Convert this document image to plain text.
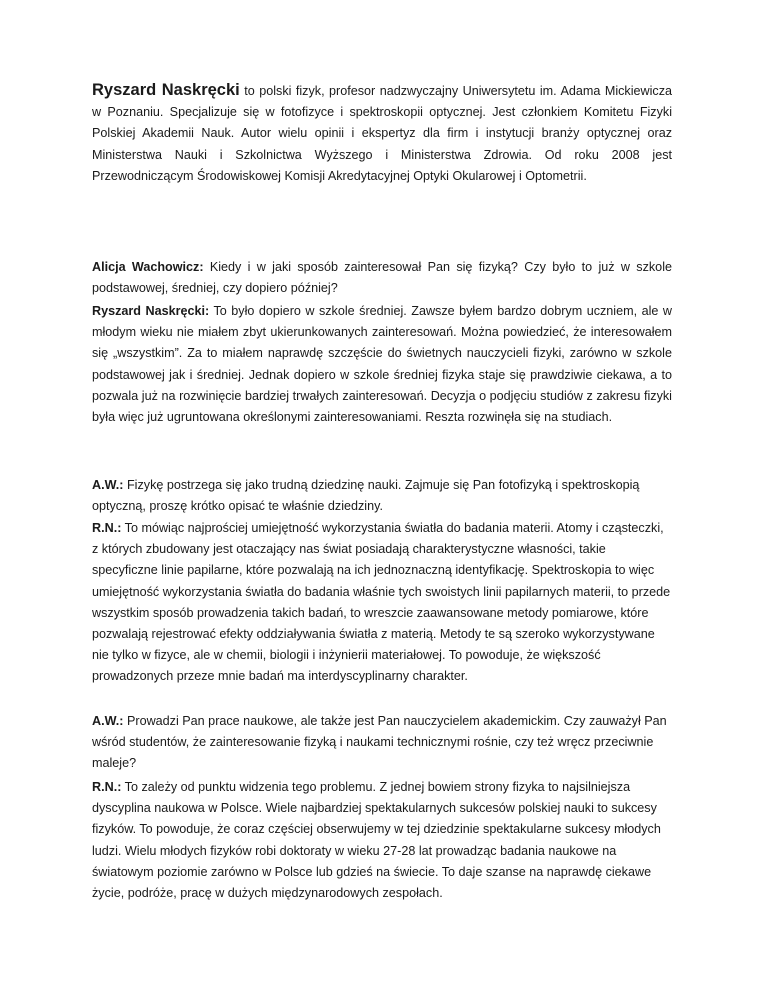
Ryszard Naskręcki to polski fizyk, profesor nadzwyczajny Uniwersytetu im. Adama Mickiewicza w Poznaniu. Specjalizuje się w fotofizyce i spektroskopii optycznej. Jest członkiem Komitetu Fizyki Polskiej Akademii Nauk. Autor wielu opinii i ekspertyz dla firm i instytucji branży optycznej oraz Ministerstwa Nauki i Szkolnictwa Wyższego i Ministerstwa Zdrowia. Od roku 2008 jest Przewodniczącym Środowiskowej Komisji Akredytacyjnej Optyki Okularowej i Optometrii.

Alicja Wachowicz: Kiedy i w jaki sposób zainteresował Pan się fizyką? Czy było to już w szkole podstawowej, średniej, czy dopiero później?

Ryszard Naskręcki: To było dopiero w szkole średniej. Zawsze byłem bardzo dobrym uczniem, ale w młodym wieku nie miałem zbyt ukierunkowanych zainteresowań. Można powiedzieć, że interesowałem się „wszystkim”. Za to miałem naprawdę szczęście do świetnych nauczycieli fizyki, zarówno w szkole podstawowej jak i średniej. Jednak dopiero w szkole średniej fizyka staje się prawdziwie ciekawa, a to pozwala już na rozwinięcie bardziej trwałych zainteresowań. Decyzja o podjęciu studiów z zakresu fizyki była więc już ugruntowana określonymi zainteresowaniami. Reszta rozwinęła się na studiach.

A.W.: Fizykę postrzega się jako trudną dziedzinę nauki. Zajmuje się Pan fotofizyką i spektroskopią optyczną, proszę krótko opisać te właśnie dziedziny.

R.N.: To mówiąc najprościej umiejętność wykorzystania światła do badania materii. Atomy i cząsteczki, z których zbudowany jest otaczający nas świat posiadają charakterystyczne własności, takie specyficzne linie papilarne, które pozwalają na ich jednoznaczną identyfikację. Spektroskopia to więc umiejętność wykorzystania światła do badania właśnie tych swoistych linii papilarnych materii, to przede wszystkim sposób prowadzenia takich badań, to wreszcie zaawansowane metody pomiarowe, które pozwalają rejestrować efekty oddziaływania światła z materią. Metody te są szeroko wykorzystywane nie tylko w fizyce, ale w chemii, biologii i inżynierii materiałowej. To powoduje, że większość prowadzonych przeze mnie badań ma interdyscyplinarny charakter.

A.W.: Prowadzi Pan prace naukowe, ale także jest Pan nauczycielem akademickim. Czy zauważył Pan wśród studentów, że zainteresowanie fizyką i naukami technicznymi rośnie, czy też wręcz przeciwnie maleje?

R.N.: To zależy od punktu widzenia tego problemu. Z jednej bowiem strony fizyka to najsilniejsza dyscyplina naukowa w Polsce. Wiele najbardziej spektakularnych sukcesów polskiej nauki to sukcesy fizyków. To powoduje, że coraz częściej obserwujemy w tej dziedzinie spektakularne sukcesy młodych ludzi. Wielu młodych fizyków robi doktoraty w wieku 27-28 lat prowadząc badania naukowe na światowym poziomie zarówno w Polsce lub gdzieś na świecie. To daje szanse na naprawdę ciekawe życie, podróże, pracę w dużych międzynarodowych zespołach.
